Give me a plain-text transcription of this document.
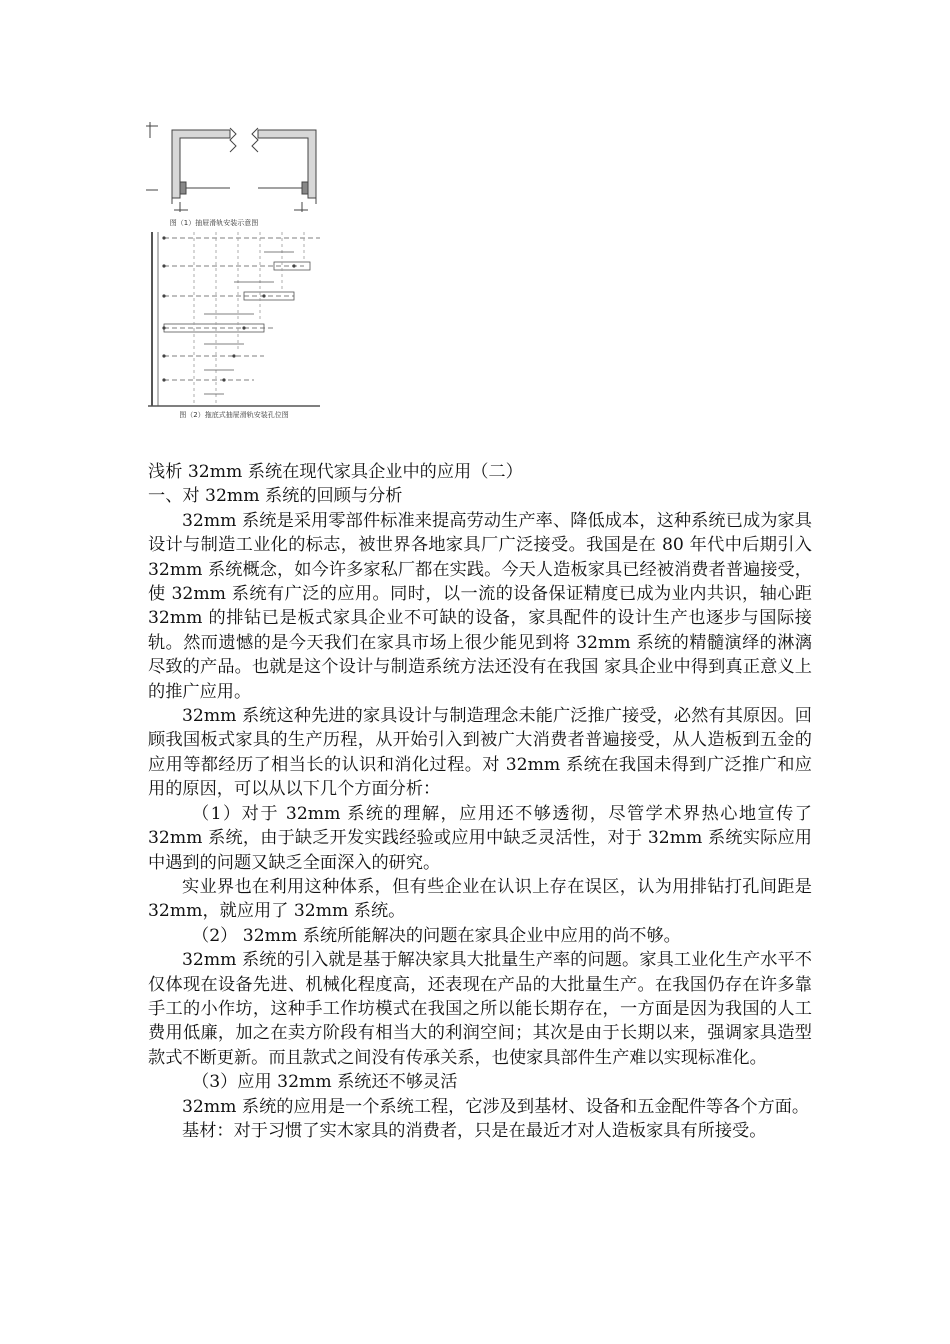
图（1）抽屉滑轨安装示意图
图（2）拖底式抽屉滑轨安装孔位图

浅析 32mm 系统在现代家具企业中的应用（二）

一、对 32mm 系统的回顾与分析

32mm 系统是采用零部件标准来提高劳动生产率、降低成本，这种系统已成为家具设计与制造工业化的标志，被世界各地家具厂广泛接受。我国是在 80 年代中后期引入 32mm 系统概念，如今许多家私厂都在实践。今天人造板家具已经被消费者普遍接受，使 32mm 系统有广泛的应用。同时，以一流的设备保证精度已成为业内共识，轴心距 32mm 的排钻已是板式家具企业不可缺的设备，家具配件的设计生产也逐步与国际接轨。然而遗憾的是今天我们在家具市场上很少能见到将 32mm 系统的精髓演绎的淋漓尽致的产品。也就是这个设计与制造系统方法还没有在我国 家具企业中得到真正意义上的推广应用。

32mm 系统这种先进的家具设计与制造理念未能广泛推广接受，必然有其原因。回顾我国板式家具的生产历程，从开始引入到被广大消费者普遍接受，从人造板到五金的应用等都经历了相当长的认识和消化过程。对 32mm 系统在我国未得到广泛推广和应用的原因，可以从以下几个方面分析：

（1）对于 32mm 系统的理解，应用还不够透彻，尽管学术界热心地宣传了 32mm 系统，由于缺乏开发实践经验或应用中缺乏灵活性，对于 32mm 系统实际应用中遇到的问题又缺乏全面深入的研究。

实业界也在利用这种体系，但有些企业在认识上存在误区，认为用排钻打孔间距是 32mm，就应用了 32mm 系统。

（2） 32mm 系统所能解决的问题在家具企业中应用的尚不够。

32mm 系统的引入就是基于解决家具大批量生产率的问题。家具工业化生产水平不仅体现在设备先进、机械化程度高，还表现在产品的大批量生产。在我国仍存在许多靠手工的小作坊，这种手工作坊模式在我国之所以能长期存在，一方面是因为我国的人工费用低廉，加之在卖方阶段有相当大的利润空间；其次是由于长期以来，强调家具造型款式不断更新。而且款式之间没有传承关系，也使家具部件生产难以实现标准化。

（3）应用 32mm 系统还不够灵活

32mm 系统的应用是一个系统工程，它涉及到基材、设备和五金配件等各个方面。

基材：对于习惯了实木家具的消费者，只是在最近才对人造板家具有所接受。
